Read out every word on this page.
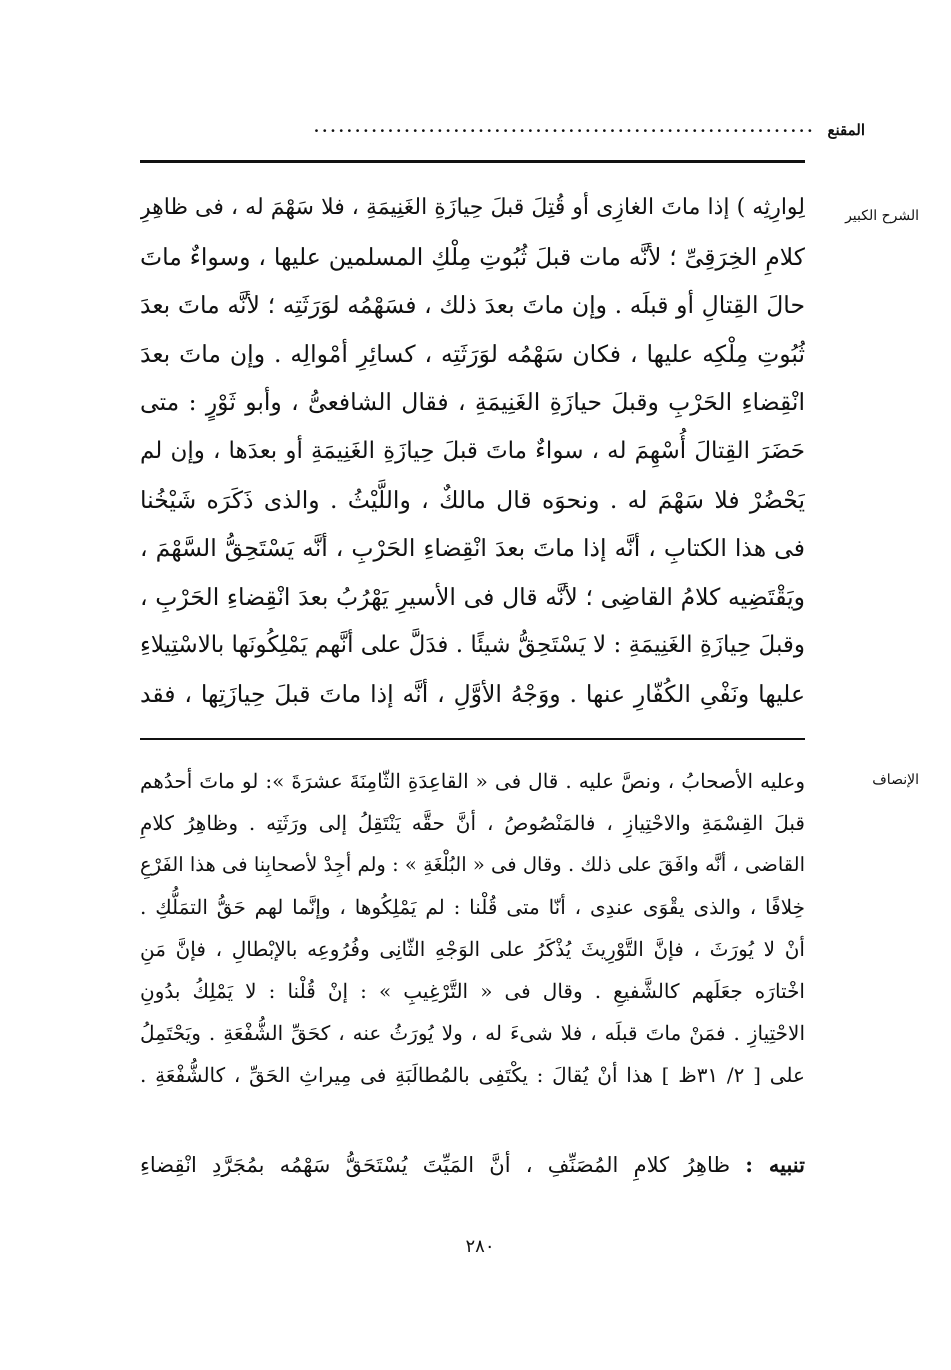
المقنع
.............................................................
الشرح الكبير
لِوارِثِه ) إذا ماتَ الغازِى أو قُتِلَ قبلَ حِيازَةِ الغَنِيمَةِ ، فلا سَهْمَ له ، فى ظاهِرِ
كلامِ الخِرَقِىِّ ؛ لأنَّه مات قبلَ ثُبُوتِ مِلْكِ المسلمين عليها ، وسواءٌ ماتَ
حالَ القِتالِ أو قبلَه . وإن ماتَ بعدَ ذلك ، فسَهْمُه لوَرَثَتِه ؛ لأنَّه ماتَ بعدَ
ثُبُوتِ مِلْكِه عليها ، فكان سَهْمُه لوَرَثَتِه ، كسائِرِ أمْوالِه . وإن ماتَ بعدَ
انْقِضاءِ الحَرْبِ وقبلَ حيازَةِ الغَنِيمَةِ ، فقال الشافعىُّ ، وأبو ثَوْرٍ : متى
حَضَرَ القِتالَ أُسْهِمَ له ، سواءٌ ماتَ قبلَ حِيازَةِ الغَنِيمَةِ أو بعدَها ، وإن لم
يَحْضُرْ فلا سَهْمَ له . ونحوَه قال مالكٌ ، واللَّيْثُ . والذى ذَكَرَه شَيْخُنا
فى هذا الكتابِ ، أنَّه إذا ماتَ بعدَ انْقِضاءِ الحَرْبِ ، أنَّه يَسْتَحِقُّ السَّهْمَ ،
ويَقْتَضِيه كلامُ القاضِى ؛ لأنَّه قال فى الأسيرِ يَهْرُبُ بعدَ انْقِضاءِ الحَرْبِ ،
وقبلَ حِيازَةِ الغَنِيمَةِ : لا يَسْتَحِقُّ شيئًا . فدَلَّ على أنَّهم يَمْلِكُونَها بالاسْتِيلاءِ
عليها ونَفْىِ الكُفّارِ عنها . ووَجْهُ الأوَّلِ ، أنَّه إذا ماتَ قبلَ حِيازَتِها ، فقد
الإنصاف
وعليه الأصحابُ ، ونصَّ عليه . قال فى « القاعِدَةِ الثّامِنَةَ عشرَةَ »: لو ماتَ أحدُهم
قبلَ القِسْمَةِ والاحْتِيازِ ، فالمَنْصُوصُ ، أنَّ حقَّه يَنْتَقِلُ إلى ورَثَتِه . وظاهِرُ كلامِ
القاضى ، أنَّه وافَقَ على ذلك . وقال فى « البُلْغَةِ » : ولم أجِدْ لأصحابِنا فى هذا الفَرْعِ
خِلافًا ، والذى يقْوَى عندِى ، أنّا متى قُلْنا : لم يَمْلِكُوها ، وإنَّما لهم حَقُّ التمَلُّكِ .
أنْ لا يُورَثَ ، فإنَّ التَّوْرِيثَ يُذْكَرُ على الوَجْهِ الثّانِى وفُرُوعِه بالإبْطالِ ، فإنَّ مَنِ
اخْتارَه جعَلَهم كالشَّفيعِ . وقال فى « التَّرْغِيبِ » : إنْ قُلْنا : لا يَمْلِكُ بدُونِ
الاحْتِيازِ . فمَنْ ماتَ قبلَه ، فلا شىءَ له ، ولا يُورَثُ عنه ، كحَقِّ الشُّفْعَةِ . ويَحْتَمِلُ
على [ ٢/ ٣١ظ ] هذا أنْ يُقالَ : يكْتَفِى بالمُطالَبَةِ فى مِيراثِ الحَقِّ ، كالشُّفْعَةِ .
تنبيه : ظاهِرُ كلامِ المُصَنِّفِ ، أنَّ المَيِّتَ يُسْتَحَقُّ سَهْمُه بمُجَرَّدِ انْقِضاءِ
٢٨٠
